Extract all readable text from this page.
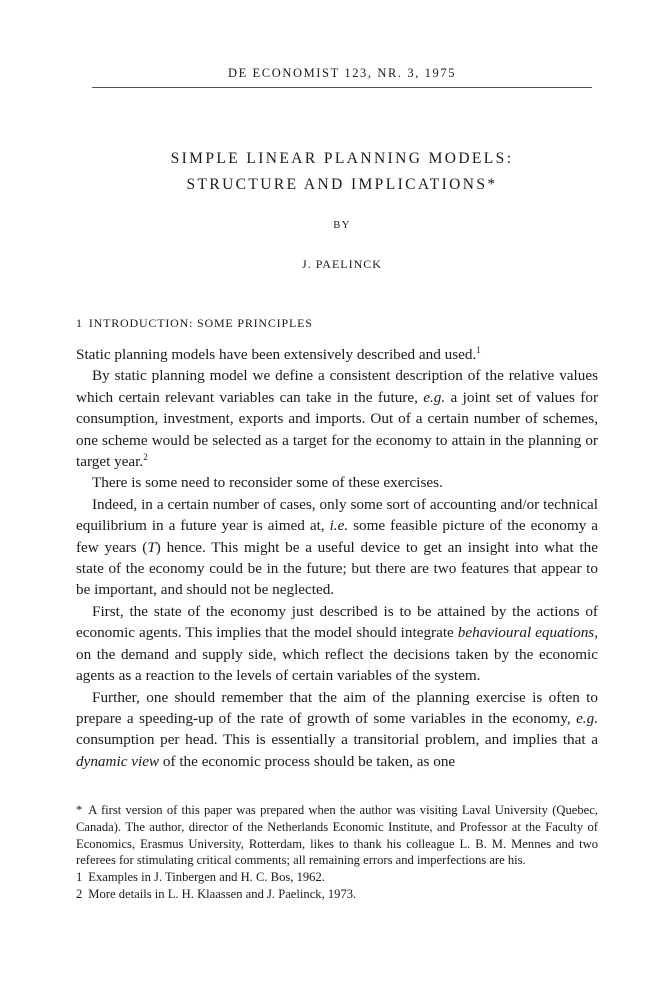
DE ECONOMIST 123, NR. 3, 1975
SIMPLE LINEAR PLANNING MODELS:
STRUCTURE AND IMPLICATIONS*
BY
J. PAELINCK
1 INTRODUCTION: SOME PRINCIPLES

Static planning models have been extensively described and used.$^1$

By static planning model we define a consistent description of the relative values which certain relevant variables can take in the future, e.g. a joint set of values for consumption, investment, exports and imports. Out of a certain number of schemes, one scheme would be selected as a target for the economy to attain in the planning or target year.$^2$

There is some need to reconsider some of these exercises.

Indeed, in a certain number of cases, only some sort of accounting and/or technical equilibrium in a future year is aimed at, i.e. some feasible picture of the economy a few years (T) hence. This might be a useful device to get an insight into what the state of the economy could be in the future; but there are two features that appear to be important, and should not be neglected.

First, the state of the economy just described is to be attained by the actions of economic agents. This implies that the model should integrate behavioural equations, on the demand and supply side, which reflect the decisions taken by the economic agents as a reaction to the levels of certain variables of the system.

Further, one should remember that the aim of the planning exercise is often to prepare a speeding-up of the rate of growth of some variables in the economy, e.g. consumption per head. This is essentially a transitorial problem, and implies that a dynamic view of the economic process should be taken, as one

* A first version of this paper was prepared when the author was visiting Laval University (Quebec, Canada). The author, director of the Netherlands Economic Institute, and Professor at the Faculty of Economics, Erasmus University, Rotterdam, likes to thank his colleague L. B. M. Mennes and two referees for stimulating critical comments; all remaining errors and imperfections are his.

1 Examples in J. Tinbergen and H. C. Bos, 1962.

2 More details in L. H. Klaassen and J. Paelinck, 1973.
